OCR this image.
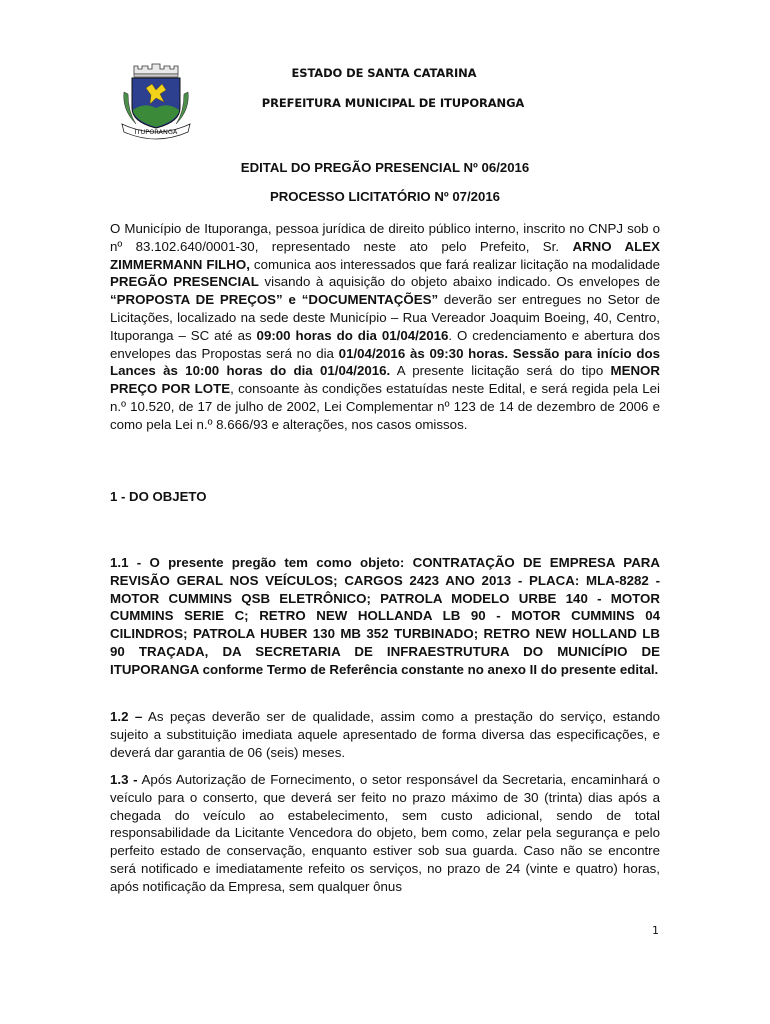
ITUPORANGA
ESTADO DE SANTA CATARINA
PREFEITURA MUNICIPAL DE ITUPORANGA
EDITAL DO PREGÃO PRESENCIAL Nº 06/2016
PROCESSO LICITATÓRIO Nº 07/2016
O Município de Ituporanga, pessoa jurídica de direito público interno, inscrito no CNPJ sob o nº 83.102.640/0001-30, representado neste ato pelo Prefeito, Sr. ARNO ALEX ZIMMERMANN FILHO, comunica aos interessados que fará realizar licitação na modalidade PREGÃO PRESENCIAL visando à aquisição do objeto abaixo indicado. Os envelopes de “PROPOSTA DE PREÇOS” e “DOCUMENTAÇÕES” deverão ser entregues no Setor de Licitações, localizado na sede deste Município – Rua Vereador Joaquim Boeing, 40, Centro, Ituporanga – SC até as 09:00 horas do dia 01/04/2016. O credenciamento e abertura dos envelopes das Propostas será no dia 01/04/2016 às 09:30 horas. Sessão para início dos Lances às 10:00 horas do dia 01/04/2016. A presente licitação será do tipo MENOR PREÇO POR LOTE, consoante às condições estatuídas neste Edital, e será regida pela Lei n.º 10.520, de 17 de julho de 2002, Lei Complementar nº 123 de 14 de dezembro de 2006 e como pela Lei n.º 8.666/93 e alterações, nos casos omissos.
1 - DO OBJETO
1.1 - O presente pregão tem como objeto: CONTRATAÇÃO DE EMPRESA PARA REVISÃO GERAL NOS VEÍCULOS; CARGOS 2423 ANO 2013 - PLACA: MLA-8282 - MOTOR CUMMINS QSB ELETRÔNICO; PATROLA MODELO URBE 140 - MOTOR CUMMINS SERIE C; RETRO NEW HOLLANDA LB 90 - MOTOR CUMMINS 04 CILINDROS; PATROLA HUBER 130 MB 352 TURBINADO; RETRO NEW HOLLAND LB 90 TRAÇADA, DA SECRETARIA DE INFRAESTRUTURA DO MUNICÍPIO DE ITUPORANGA conforme Termo de Referência constante no anexo II do presente edital.
1.2 – As peças deverão ser de qualidade, assim como a prestação do serviço, estando sujeito a substituição imediata aquele apresentado de forma diversa das especificações, e deverá dar garantia de 06 (seis) meses.
1.3 - Após Autorização de Fornecimento, o setor responsável da Secretaria, encaminhará o veículo para o conserto, que deverá ser feito no prazo máximo de 30 (trinta) dias após a chegada do veículo ao estabelecimento, sem custo adicional, sendo de total responsabilidade da Licitante Vencedora do objeto, bem como, zelar pela segurança e pelo perfeito estado de conservação, enquanto estiver sob sua guarda. Caso não se encontre será notificado e imediatamente refeito os serviços, no prazo de 24 (vinte e quatro) horas, após notificação da Empresa, sem qualquer ônus
1
